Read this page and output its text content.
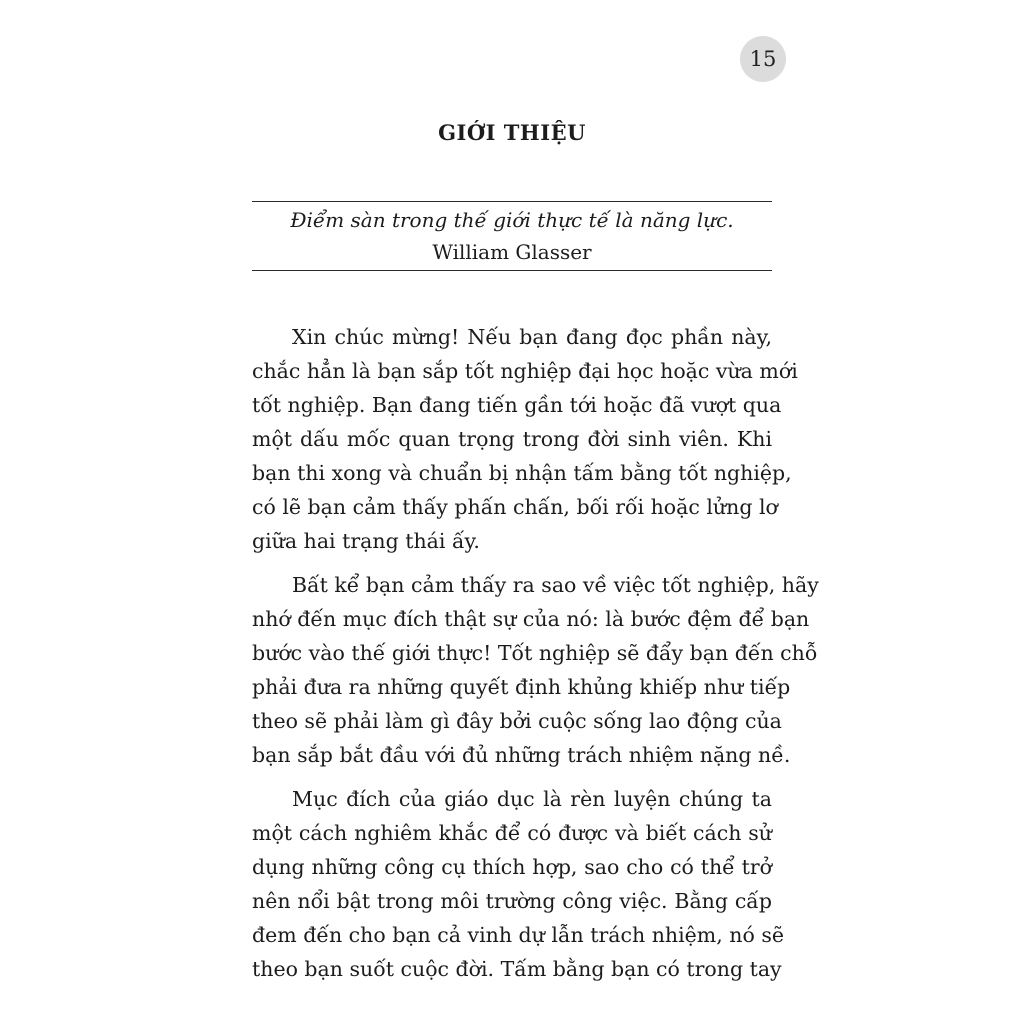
15
GIỚI THIỆU

Điểm sàn trong thế giới thực tế là năng lực.

William Glasser

Xin chúc mừng! Nếu bạn đang đọc phần này,
chắc hẳn là bạn sắp tốt nghiệp đại học hoặc vừa mới
tốt nghiệp. Bạn đang tiến gần tới hoặc đã vượt qua
một dấu mốc quan trọng trong đời sinh viên. Khi
bạn thi xong và chuẩn bị nhận tấm bằng tốt nghiệp,
có lẽ bạn cảm thấy phấn chấn, bối rối hoặc lửng lơ
giữa hai trạng thái ấy.

Bất kể bạn cảm thấy ra sao về việc tốt nghiệp, hãy
nhớ đến mục đích thật sự của nó: là bước đệm để bạn
bước vào thế giới thực! Tốt nghiệp sẽ đẩy bạn đến chỗ
phải đưa ra những quyết định khủng khiếp như tiếp
theo sẽ phải làm gì đây bởi cuộc sống lao động của
bạn sắp bắt đầu với đủ những trách nhiệm nặng nề.

Mục đích của giáo dục là rèn luyện chúng ta
một cách nghiêm khắc để có được và biết cách sử
dụng những công cụ thích hợp, sao cho có thể trở
nên nổi bật trong môi trường công việc. Bằng cấp
đem đến cho bạn cả vinh dự lẫn trách nhiệm, nó sẽ
theo bạn suốt cuộc đời. Tấm bằng bạn có trong tay
